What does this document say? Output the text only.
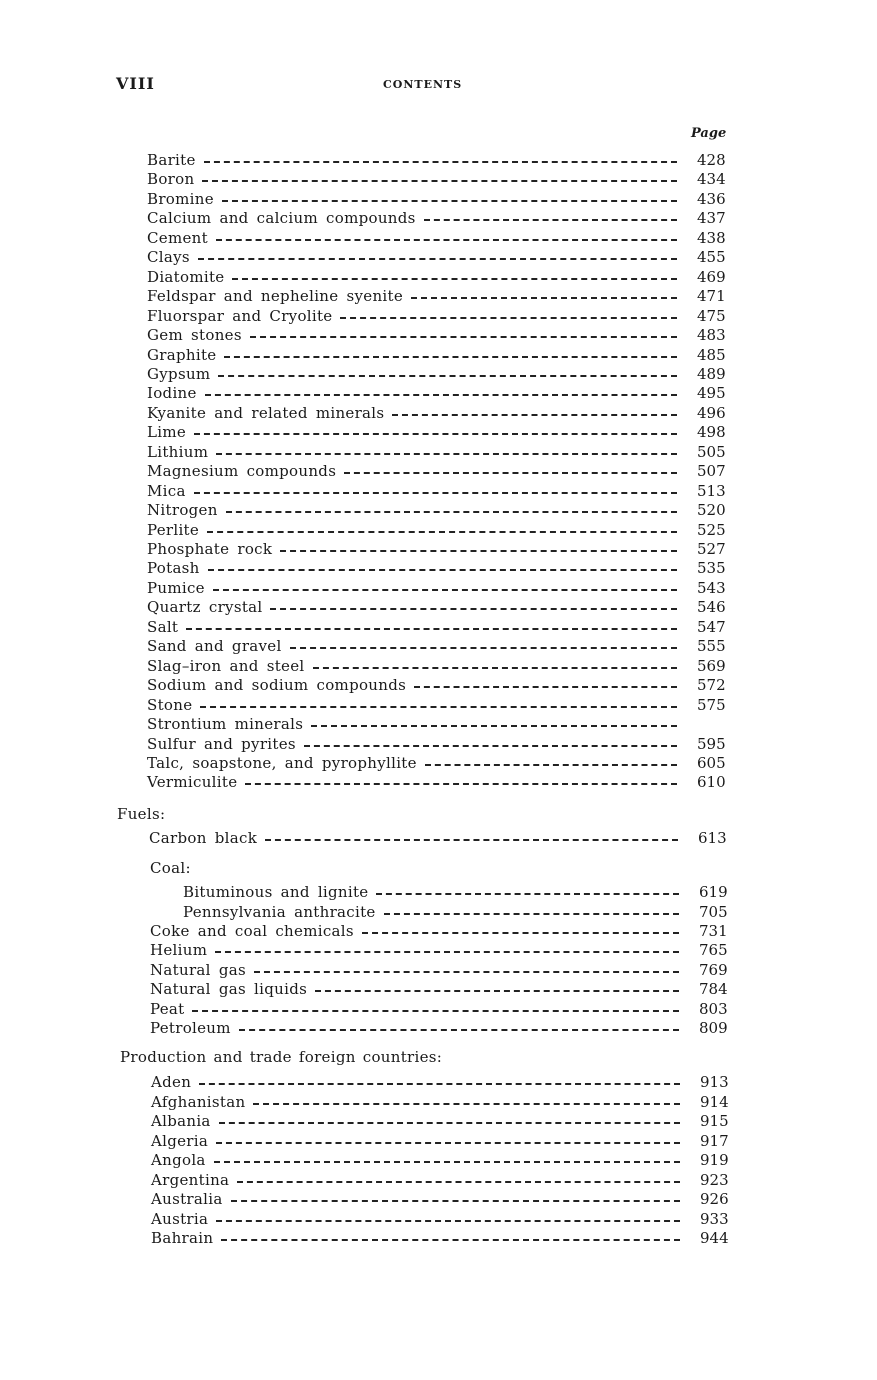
VIII	CONTENTS
Page
Fuels:
Coal:
Production and trade foreign countries:
Barite	428
Boron	434
Bromine	436
Calcium and calcium compounds	437
Cement	438
Clays	455
Diatomite	469
Feldspar and nepheline syenite	471
Fluorspar and Cryolite	475
Gem stones	483
Graphite	485
Gypsum	489
Iodine	495
Kyanite and related minerals	496
Lime	498
Lithium	505
Magnesium compounds	507
Mica	513
Nitrogen	520
Perlite	525
Phosphate rock	527
Potash	535
Pumice	543
Quartz crystal	546
Salt	547
Sand and gravel	555
Slag–iron and steel	569
Sodium and sodium compounds	572
Stone	575
Strontium minerals
Sulfur and pyrites	595
Talc, soapstone, and pyrophyllite	605
Vermiculite	610
Carbon black	613
Bituminous and lignite	619
Pennsylvania anthracite	705
Coke and coal chemicals	731
Helium	765
Natural gas	769
Natural gas liquids	784
Peat	803
Petroleum	809
Aden	913
Afghanistan	914
Albania	915
Algeria	917
Angola	919
Argentina	923
Australia	926
Austria	933
Bahrain	944
